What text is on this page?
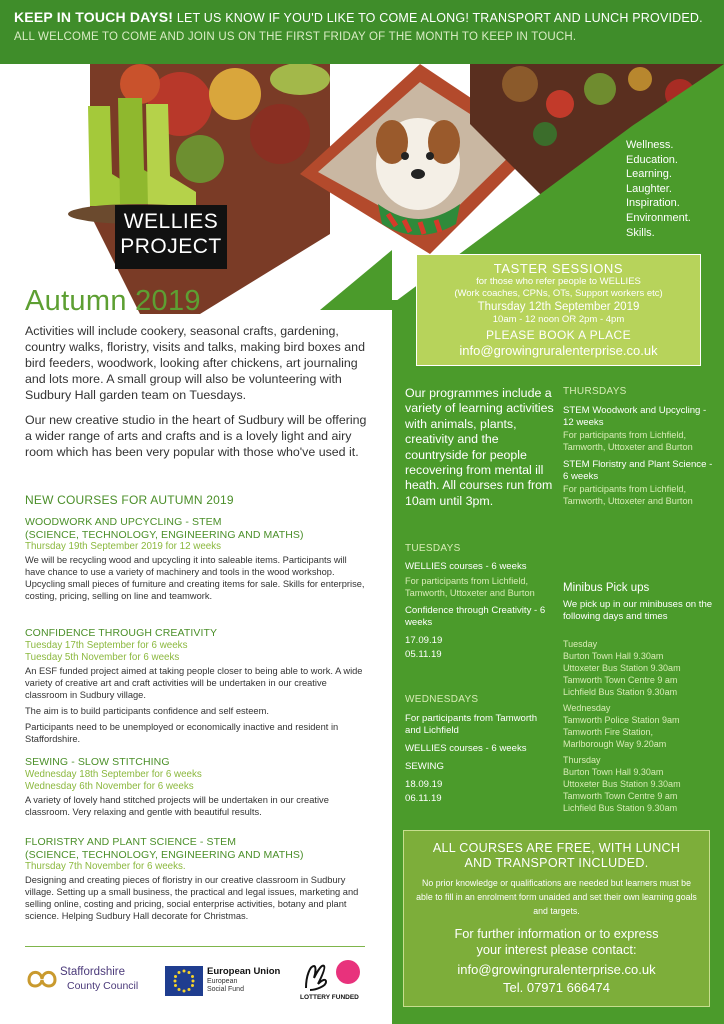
KEEP IN TOUCH DAYS! LET US KNOW IF YOU'D LIKE TO COME ALONG! TRANSPORT AND LUNCH PROVIDED.
ALL WELCOME TO COME AND JOIN US ON THE FIRST FRIDAY OF THE MONTH TO KEEP IN TOUCH.
WELLIES
PROJECT
Wellness.
Education.
Learning.
Laughter.
Inspiration.
Environment.
Skills.
TASTER SESSIONS
for those who refer people to WELLIES
(Work coaches, CPNs, OTs, Support workers etc)
Thursday 12th September 2019
10am - 12 noon OR 2pm - 4pm
PLEASE BOOK A PLACE
info@growingruralenterprise.co.uk
Autumn 2019

Activities will include cookery, seasonal crafts, gardening, country walks, floristry, visits and talks, making bird boxes and bird feeders, woodwork, looking after chickens, art journaling and lots more. A small group will also be volunteering with Sudbury Hall garden team on Tuesdays.

Our new creative studio in the heart of Sudbury will be offering a wider range of arts and crafts and is a lovely light and airy room which has been very popular with those who've used it.

NEW COURSES FOR AUTUMN 2019
WOODWORK AND UPCYCLING - STEM
(SCIENCE, TECHNOLOGY, ENGINEERING AND MATHS)
Thursday 19th September 2019 for 12 weeks

We will be recycling wood and upcycling it into saleable items. Participants will have chance to use a variety of machinery and tools in the wood workshop. Upcycling small pieces of furniture and creating items for sale. Skills for enterprise, costing, pricing, selling on line and teamwork.

CONFIDENCE THROUGH CREATIVITY
Tuesday 17th September for 6 weeks
Tuesday 5th November for 6 weeks

An ESF funded project aimed at taking people closer to being able to work. A wide variety of creative art and craft activities will be undertaken in our creative classroom in Sudbury village.

The aim is to build participants confidence and self esteem.

Participants need to be unemployed or economically inactive and resident in Staffordshire.

SEWING - SLOW STITCHING
Wednesday 18th September for 6 weeks
Wednesday 6th November for 6 weeks

A variety of lovely hand stitched projects will be undertaken in our creative classroom. Very relaxing and gentle with beautiful results.

FLORISTRY AND PLANT SCIENCE - STEM
(SCIENCE, TECHNOLOGY, ENGINEERING AND MATHS)
Thursday 7th November for 6 weeks.

Designing and creating pieces of floristry in our creative classroom in Sudbury village. Setting up a small business, the practical and legal issues, marketing and selling online, costing and pricing, social enterprise activities, botany and plant science. Helping Sudbury Hall decorate for Christmas.

Staffordshire
County Council
European Union
European
Social Fund
LOTTERY FUNDED
Our programmes include a variety of learning activities with animals, plants, creativity and the countryside for people recovering from mental ill heath. All courses run from 10am until 3pm.
THURSDAYS

STEM Woodwork and Upcycling - 12 weeks

For participants from Lichfield, Tamworth, Uttoxeter and Burton

STEM Floristry and Plant Science - 6 weeks

For participants from Lichfield, Tamworth, Uttoxeter and Burton

TUESDAYS

WELLIES courses - 6 weeks

For participants from Lichfield, Tamworth, Uttoxeter and Burton

Confidence through Creativity - 6 weeks

17.09.19

05.11.19

WEDNESDAYS

For participants from Tamworth and Lichfield

WELLIES courses - 6 weeks

SEWING

18.09.19

06.11.19

Minibus Pick ups
We pick up in our minibuses on the following days and times
Tuesday
Burton Town Hall 9.30am
Uttoxeter Bus Station 9.30am
Tamworth Town Centre 9 am
Lichfield Bus Station 9.30am
Wednesday
Tamworth Police Station 9am
Tamworth Fire Station,
Marlborough Way 9.20am
Thursday
Burton Town Hall 9.30am
Uttoxeter Bus Station 9.30am
Tamworth Town Centre 9 am
Lichfield Bus Station 9.30am
ALL COURSES ARE FREE, WITH LUNCH
AND TRANSPORT INCLUDED.
No prior knowledge or qualifications are needed but learners must be able to fill in an enrolment form unaided and set their own learning goals and targets.
For further information or to express
your interest please contact:
info@growingruralenterprise.co.uk
Tel. 07971 666474
